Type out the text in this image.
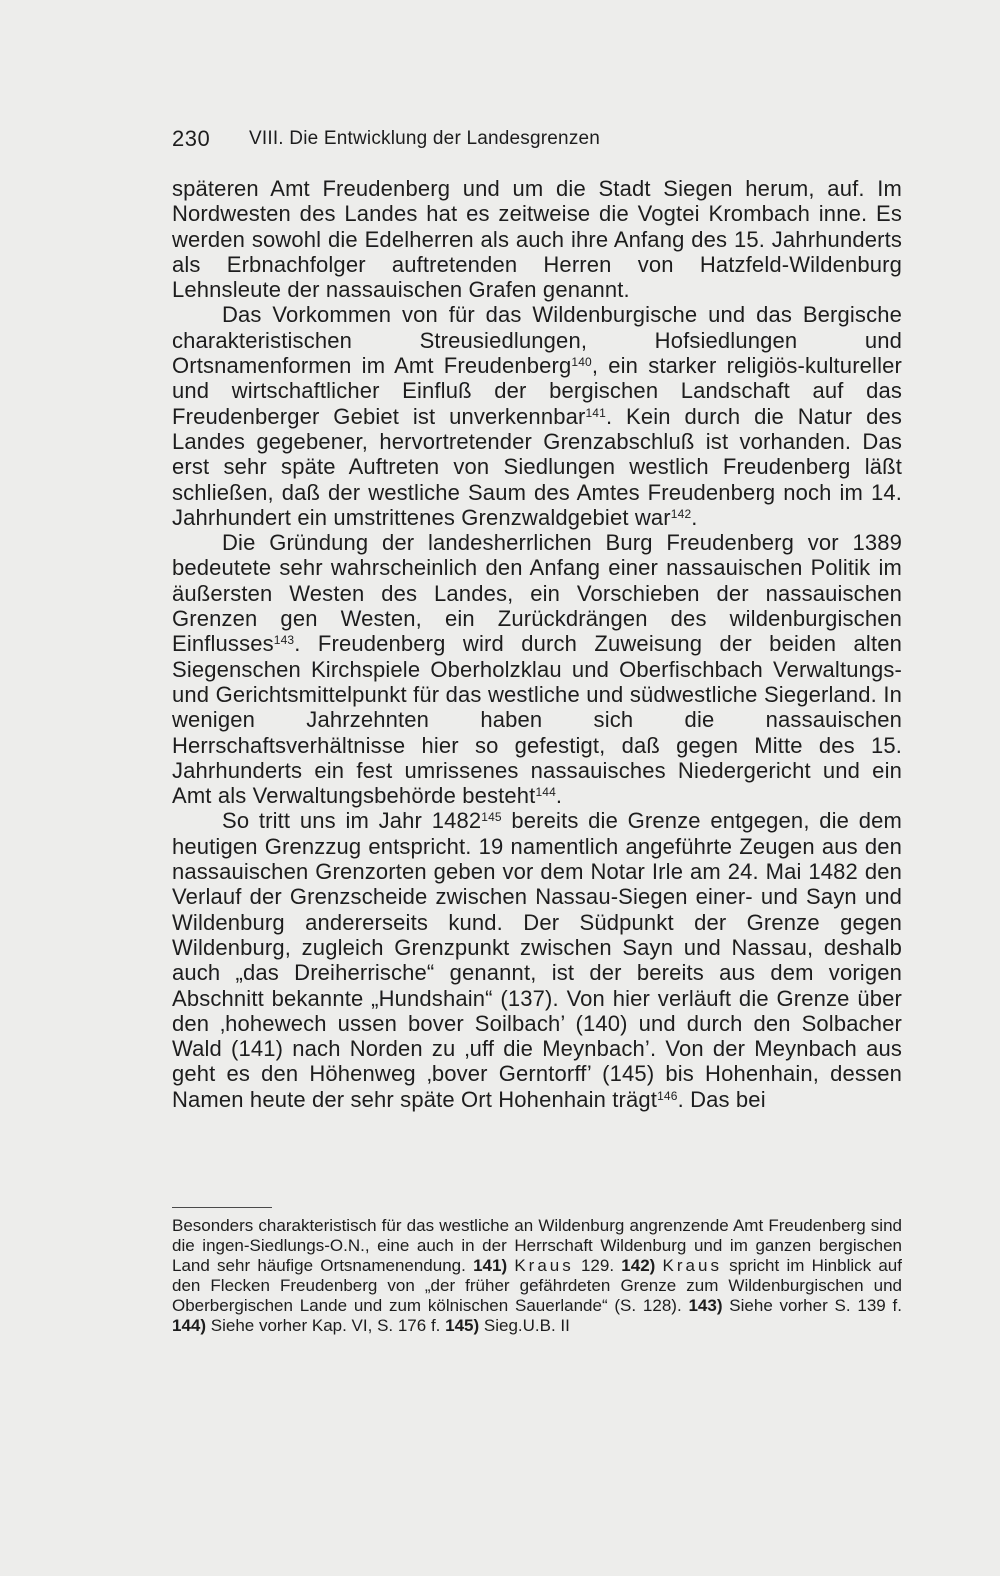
230 VIII. Die Entwicklung der Landesgrenzen

späteren Amt Freudenberg und um die Stadt Siegen herum, auf. Im Nordwesten des Landes hat es zeitweise die Vogtei Krombach inne. Es werden sowohl die Edelherren als auch ihre Anfang des 15. Jahrhunderts als Erbnachfolger auftretenden Herren von Hatzfeld-Wildenburg Lehnsleute der nassauischen Grafen genannt.

Das Vorkommen von für das Wildenburgische und das Bergische charakteristischen Streusiedlungen, Hofsiedlungen und Ortsnamenformen im Amt Freudenberg$^{140}$, ein starker religiös-kultureller und wirtschaftlicher Einfluß der bergischen Landschaft auf das Freudenberger Gebiet ist unverkennbar$^{141}$. Kein durch die Natur des Landes gegebener, hervortretender Grenzabschluß ist vorhanden. Das erst sehr späte Auftreten von Siedlungen westlich Freudenberg läßt schließen, daß der westliche Saum des Amtes Freudenberg noch im 14. Jahrhundert ein umstrittenes Grenzwaldgebiet war$^{142}$.

Die Gründung der landesherrlichen Burg Freudenberg vor 1389 bedeutete sehr wahrscheinlich den Anfang einer nassauischen Politik im äußersten Westen des Landes, ein Vorschieben der nassauischen Grenzen gen Westen, ein Zurückdrängen des wildenburgischen Einflusses$^{143}$. Freudenberg wird durch Zuweisung der beiden alten Siegenschen Kirchspiele Oberholzklau und Oberfischbach Verwaltungs- und Gerichtsmittelpunkt für das westliche und südwestliche Siegerland. In wenigen Jahrzehnten haben sich die nassauischen Herrschaftsverhältnisse hier so gefestigt, daß gegen Mitte des 15. Jahrhunderts ein fest umrissenes nassauisches Niedergericht und ein Amt als Verwaltungsbehörde besteht$^{144}$.

So tritt uns im Jahr 1482$^{145}$ bereits die Grenze entgegen, die dem heutigen Grenzzug entspricht. 19 namentlich angeführte Zeugen aus den nassauischen Grenzorten geben vor dem Notar Irle am 24. Mai 1482 den Verlauf der Grenzscheide zwischen Nassau-Siegen einer- und Sayn und Wildenburg andererseits kund. Der Südpunkt der Grenze gegen Wildenburg, zugleich Grenzpunkt zwischen Sayn und Nassau, deshalb auch „das Dreiherrische“ genannt, ist der bereits aus dem vorigen Abschnitt bekannte „Hundshain“ (137). Von hier verläuft die Grenze über den ‚hohewech ussen bover Soilbach’ (140) und durch den Solbacher Wald (141) nach Norden zu ‚uff die Meynbach’. Von der Meynbach aus geht es den Höhenweg ‚bover Gerntorff’ (145) bis Hohenhain, dessen Namen heute der sehr späte Ort Hohenhain trägt$^{146}$. Das bei

Besonders charakteristisch für das westliche an Wildenburg angrenzende Amt Freudenberg sind die ingen-Siedlungs-O.N., eine auch in der Herrschaft Wildenburg und im ganzen bergischen Land sehr häufige Ortsnamenendung. 141) Kraus 129. 142) Kraus spricht im Hinblick auf den Flecken Freudenberg von „der früher gefährdeten Grenze zum Wildenburgischen und Oberbergischen Lande und zum kölnischen Sauerlande“ (S. 128). 143) Siehe vorher S. 139 f. 144) Siehe vorher Kap. VI, S. 176 f. 145) Sieg.U.B. II
